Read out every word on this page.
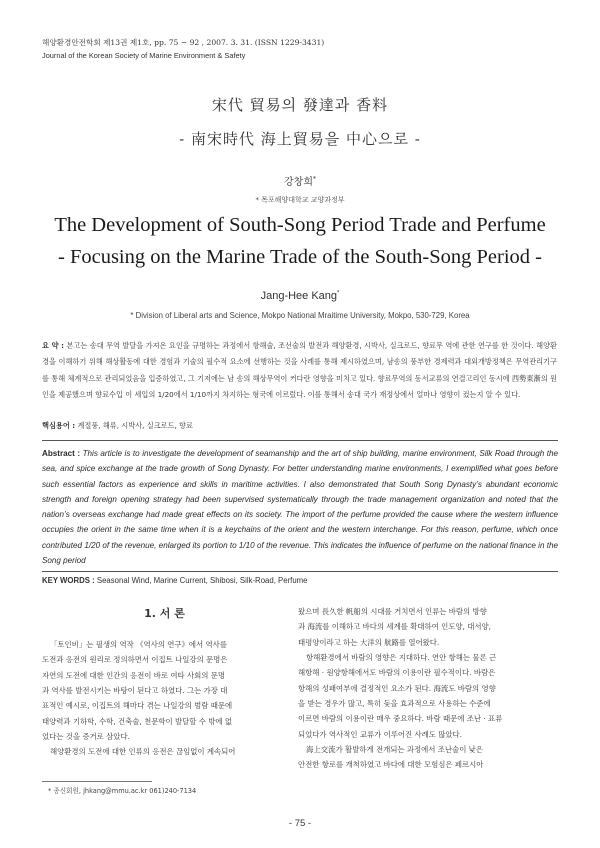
해양환경안전학회 제13권 제1호, pp. 75 ~ 92 , 2007. 3. 31. (ISSN 1229-3431)
Journal of the Korean Society of Marine Environment & Safety
宋代 貿易의 發達과 香料
- 南宋時代 海上貿易을 中心으로 -
강창희*
* 목포해양대학교 교양과정부
The Development of South-Song Period Trade and Perfume
- Focusing on the Marine Trade of the South-Song Period -
Jang-Hee Kang*
* Division of Liberal arts and Science, Mokpo National Mraitime University, Mokpo, 530-729, Korea
요 약 : 본고는 송대 무역 발달을 가져온 요인을 규명하는 과정에서 항해술, 조선술의 발전과 해양환경, 시박사, 실크로드, 향료무 역에 관한 연구를 한 것이다. 해양환경을 이해하기 위해 해상활동에 대한 경험과 기술의 필수적 요소에 선행하는 것을 사례를 통해 제시하였으며, 남송의 풍부한 경제력과 대외개방정책은 무역관리기구를 통해 체계적으로 관리되었음을 입증하였고, 그 기저에는 남 송의 해상무역이 커다란 영향을 미치고 있다. 향료무역의 동서교류의 연결고리인 동시에 西勢東漸의 원인을 제공했으며 향료수입 이 세입의 1/20에서 1/10까지 차지하는 형국에 이르렀다. 이를 통해서 송대 국가 재정상에서 얼마나 영향이 컸는지 알 수 있다.
핵심용어 : 계절풍, 해류, 시박사, 실크로드, 향료
Abstract : This article is to investigate the development of seamanship and the art of ship building, marine environment, Silk Road through the sea, and spice exchange at the trade growth of Song Dynasty. For better understanding marine environments, I exemplified what goes before such essential factors as experience and skills in maritime activities. I also demonstrated that South Song Dynasty’s abundant economic strength and foreign opening strategy had been supervised systematically through the trade management organization and noted that the nation’s overseas exchange had made great effects on its society. The import of the perfume provided the cause where the western influence occupies the orient in the same time when it is a keychains of the orient and the western interchange. For this reason, perfume, which once contributed 1/20 of the revenue, enlarged its portion to 1/10 of the revenue. This indicates the influence of perfume on the national finance in the Song period
KEY WORDS : Seasonal Wind, Marine Current, Shibosi, Silk-Road, Perfume
1. 서 론
「토인비」는 필생의 역작 《역사의 연구》에서 역사를
도전과 응전의 원리로 정의하면서 이집트 나일강의 문명은
자연의 도전에 대한 인간의 응전이 바로 여타 사회의 문명
과 역사를 발전시키는 바탕이 된다고 하였다. 그는 가장 대
표적인 예시로, 이집트의 해마다 겪는 나일강의 범람 때문에
태양력과 기하학, 수학, 건축술, 천문학이 발달할 수 밖에 없
었다는 것을 증거로 삼았다.
해양환경의 도전에 대한 인류의 응전은 끊임없이 계속되어
왔으며 長久한 帆船의 시대를 거치면서 인류는 바람의 방향
과 海流를 이해하고 바다의 세계를 확대하여 인도양, 대서양,
태평양이라고 하는 大洋의 航路를 열어왔다.
항해환경에서 바람의 영향은 지대하다. 연안 항해는 물론 근
해항해 · 원양항해에서도 바람의 이용이란 필수적이다. 바람은
항해의 성패여부에 결정적인 요소가 된다. 海流도 바람의 영향
을 받는 경우가 많고, 특히 돛을 효과적으로 사용하는 수준에
이르면 바람의 이용이란 매우 중요하다. 바람 때문에 조난 · 표류
되었다가 역사적인 교류가 이루어진 사례도 많았다.
海上交流가 활발하게 전개되는 과정에서 조난술이 낮은
안전한 항로를 개척하였고 바다에 대한 모험심은 페르시아
* 종신회원, jhkang@mmu.ac.kr 061)240-7134
- 75 -
